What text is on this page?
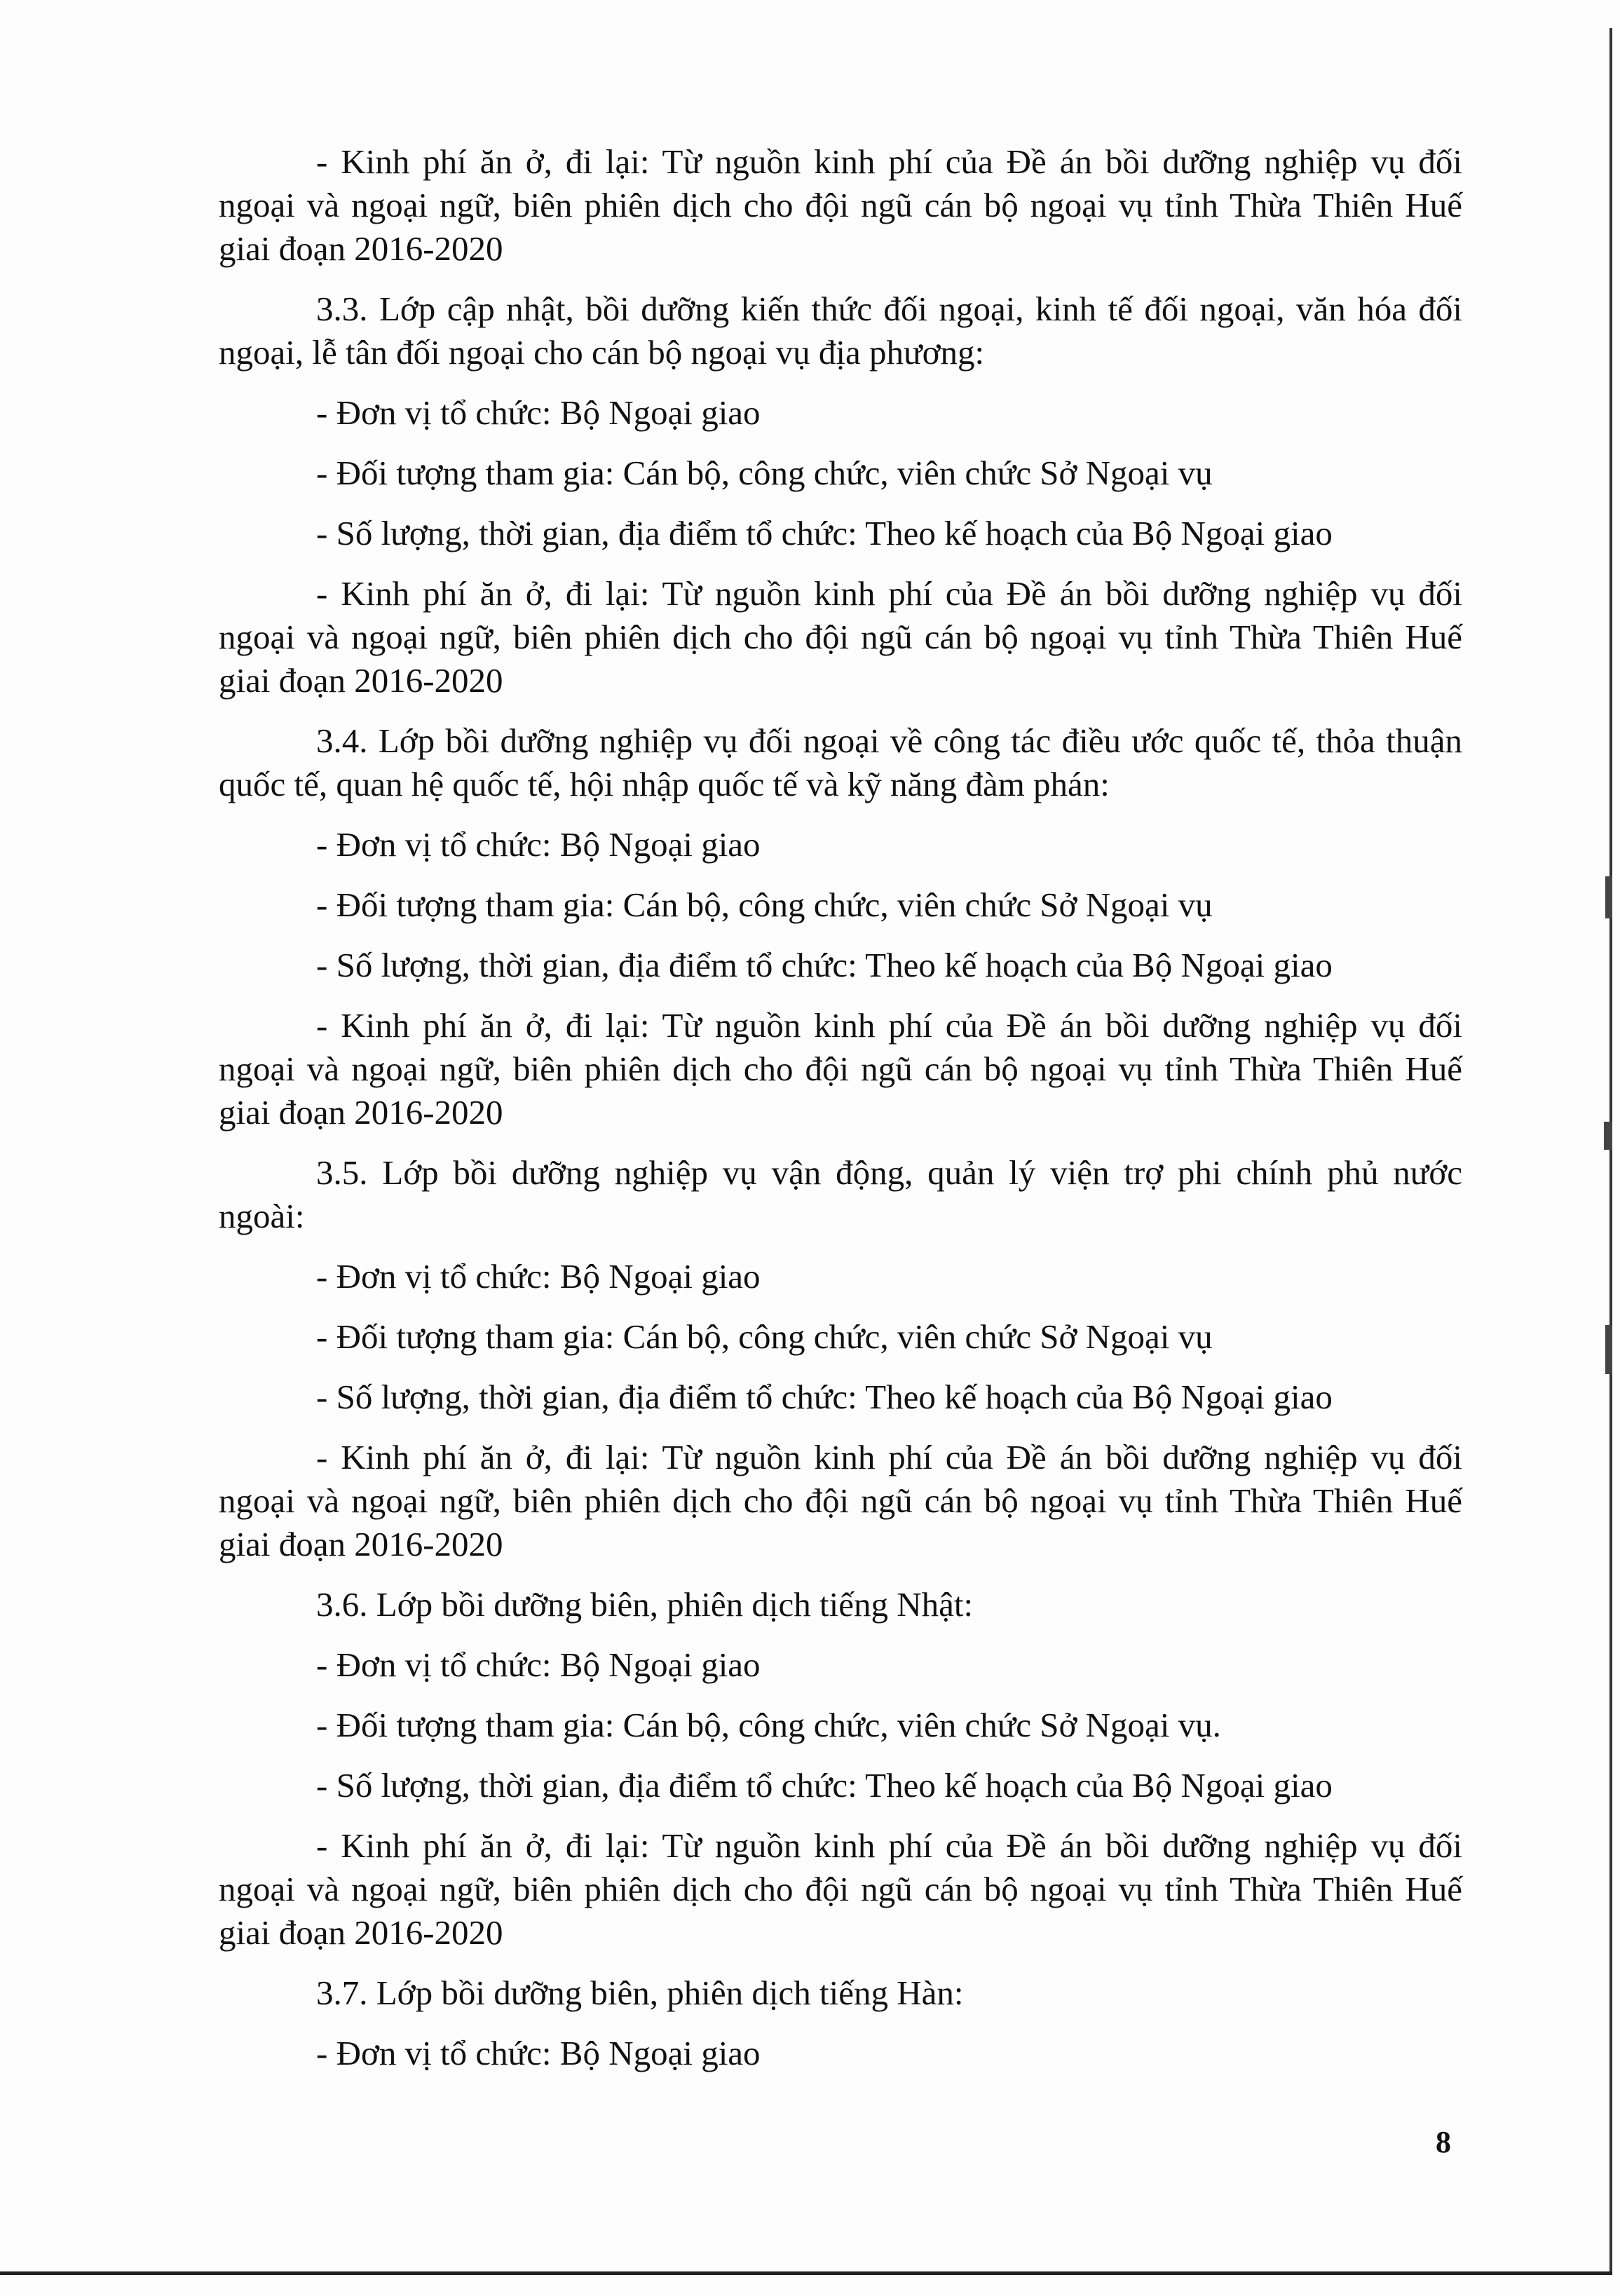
- Kinh phí ăn ở, đi lại: Từ nguồn kinh phí của Đề án bồi dưỡng nghiệp vụ đối ngoại và ngoại ngữ, biên phiên dịch cho đội ngũ cán bộ ngoại vụ tỉnh Thừa Thiên Huế giai đoạn 2016-2020

3.3. Lớp cập nhật, bồi dưỡng kiến thức đối ngoại, kinh tế đối ngoại, văn hóa đối ngoại, lễ tân đối ngoại cho cán bộ ngoại vụ địa phương:

- Đơn vị tổ chức: Bộ Ngoại giao

- Đối tượng tham gia: Cán bộ, công chức, viên chức Sở Ngoại vụ

- Số lượng, thời gian, địa điểm tổ chức: Theo kế hoạch của Bộ Ngoại giao

- Kinh phí ăn ở, đi lại: Từ nguồn kinh phí của Đề án bồi dưỡng nghiệp vụ đối ngoại và ngoại ngữ, biên phiên dịch cho đội ngũ cán bộ ngoại vụ tỉnh Thừa Thiên Huế giai đoạn 2016-2020

3.4. Lớp bồi dưỡng nghiệp vụ đối ngoại về công tác điều ước quốc tế, thỏa thuận quốc tế, quan hệ quốc tế, hội nhập quốc tế và kỹ năng đàm phán:

- Đơn vị tổ chức: Bộ Ngoại giao

- Đối tượng tham gia: Cán bộ, công chức, viên chức Sở Ngoại vụ

- Số lượng, thời gian, địa điểm tổ chức: Theo kế hoạch của Bộ Ngoại giao

- Kinh phí ăn ở, đi lại: Từ nguồn kinh phí của Đề án bồi dưỡng nghiệp vụ đối ngoại và ngoại ngữ, biên phiên dịch cho đội ngũ cán bộ ngoại vụ tỉnh Thừa Thiên Huế giai đoạn 2016-2020

3.5. Lớp bồi dưỡng nghiệp vụ vận động, quản lý viện trợ phi chính phủ nước ngoài:

- Đơn vị tổ chức: Bộ Ngoại giao

- Đối tượng tham gia: Cán bộ, công chức, viên chức Sở Ngoại vụ

- Số lượng, thời gian, địa điểm tổ chức: Theo kế hoạch của Bộ Ngoại giao

- Kinh phí ăn ở, đi lại: Từ nguồn kinh phí của Đề án bồi dưỡng nghiệp vụ đối ngoại và ngoại ngữ, biên phiên dịch cho đội ngũ cán bộ ngoại vụ tỉnh Thừa Thiên Huế giai đoạn 2016-2020

3.6. Lớp bồi dưỡng biên, phiên dịch tiếng Nhật:

- Đơn vị tổ chức: Bộ Ngoại giao

- Đối tượng tham gia: Cán bộ, công chức, viên chức Sở Ngoại vụ.

- Số lượng, thời gian, địa điểm tổ chức: Theo kế hoạch của Bộ Ngoại giao

- Kinh phí ăn ở, đi lại: Từ nguồn kinh phí của Đề án bồi dưỡng nghiệp vụ đối ngoại và ngoại ngữ, biên phiên dịch cho đội ngũ cán bộ ngoại vụ tỉnh Thừa Thiên Huế giai đoạn 2016-2020

3.7. Lớp bồi dưỡng biên, phiên dịch tiếng Hàn:

- Đơn vị tổ chức: Bộ Ngoại giao

8
